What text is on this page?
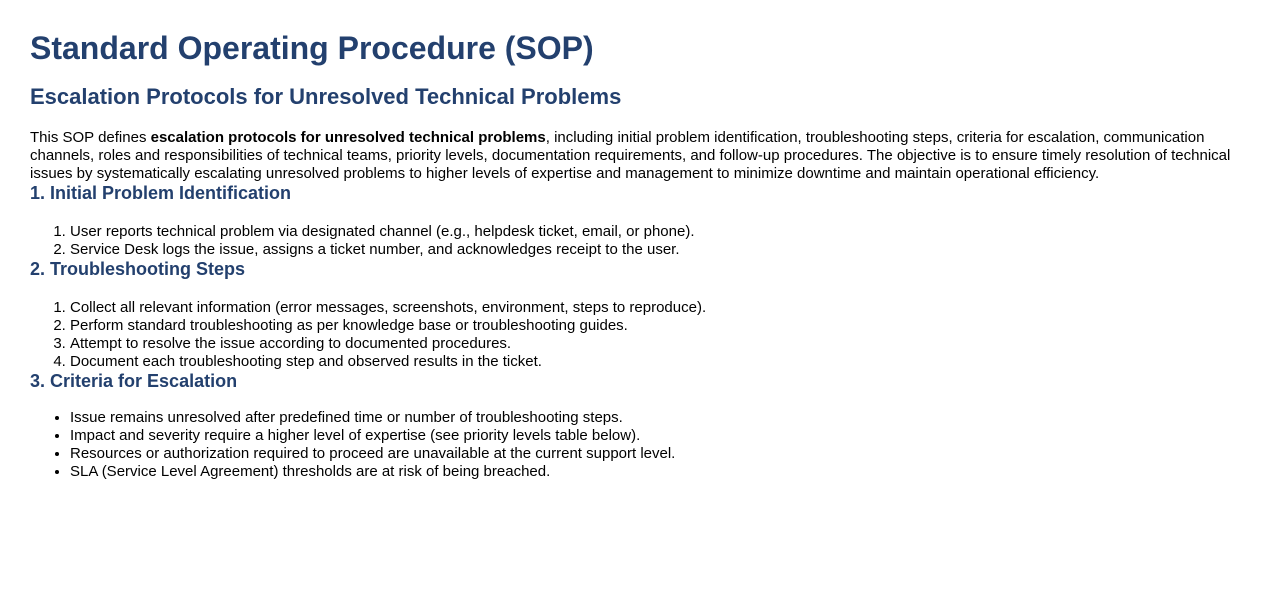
Standard Operating Procedure (SOP)
Escalation Protocols for Unresolved Technical Problems

This SOP defines escalation protocols for unresolved technical problems, including initial problem identification, troubleshooting steps, criteria for escalation, communication channels, roles and responsibilities of technical teams, priority levels, documentation requirements, and follow-up procedures. The objective is to ensure timely resolution of technical issues by systematically escalating unresolved problems to higher levels of expertise and management to minimize downtime and maintain operational efficiency.

1. Initial Problem Identification
1. User reports technical problem via designated channel (e.g., helpdesk ticket, email, or phone).
2. Service Desk logs the issue, assigns a ticket number, and acknowledges receipt to the user.
2. Troubleshooting Steps
1. Collect all relevant information (error messages, screenshots, environment, steps to reproduce).
2. Perform standard troubleshooting as per knowledge base or troubleshooting guides.
3. Attempt to resolve the issue according to documented procedures.
4. Document each troubleshooting step and observed results in the ticket.
3. Criteria for Escalation
• Issue remains unresolved after predefined time or number of troubleshooting steps.
• Impact and severity require a higher level of expertise (see priority levels table below).
• Resources or authorization required to proceed are unavailable at the current support level.
• SLA (Service Level Agreement) thresholds are at risk of being breached.
